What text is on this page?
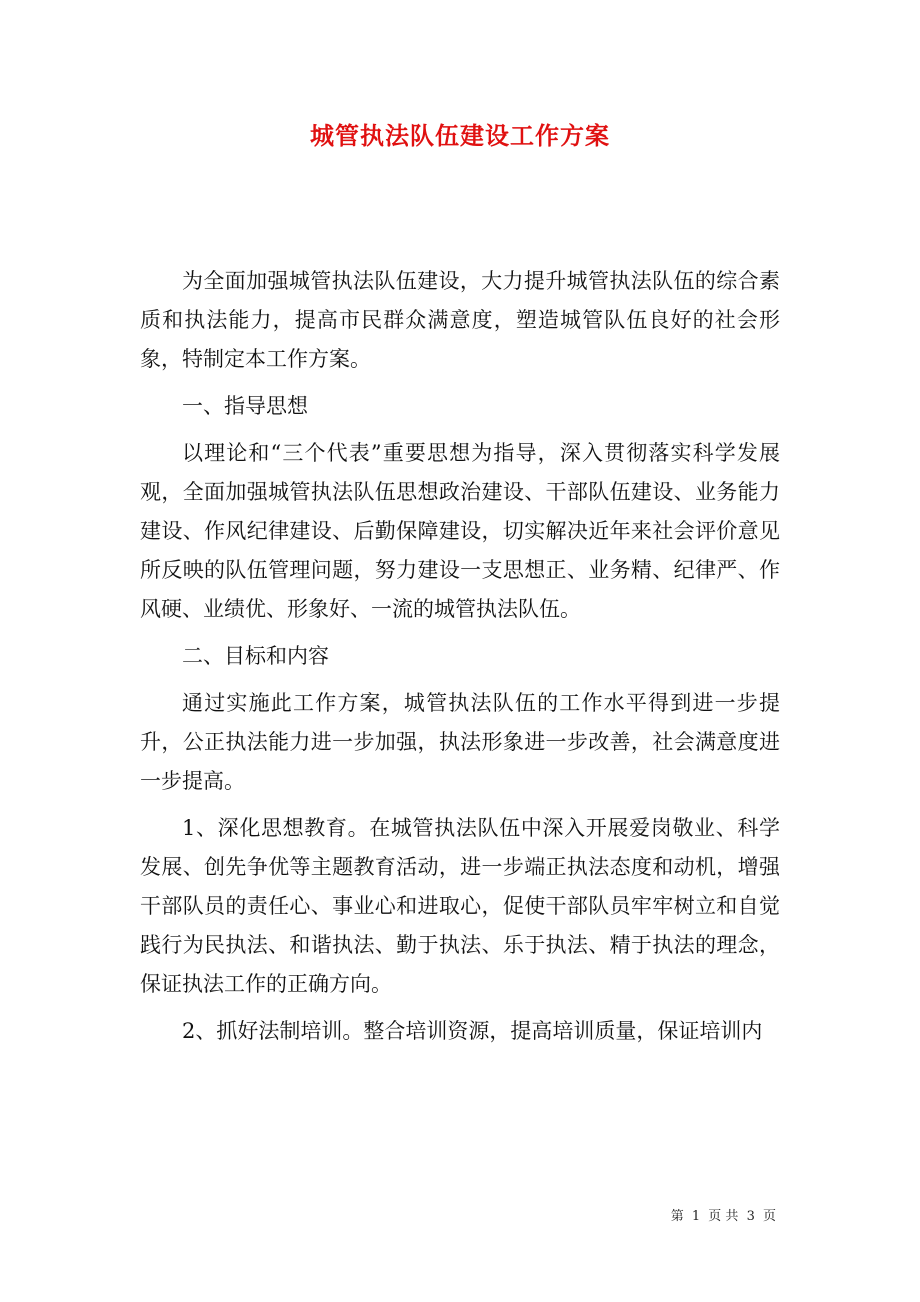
城管执法队伍建设工作方案

为全面加强城管执法队伍建设，大力提升城管执法队伍的综合素质和执法能力，提高市民群众满意度，塑造城管队伍良好的社会形象，特制定本工作方案。

一、指导思想

以理论和“三个代表”重要思想为指导，深入贯彻落实科学发展观，全面加强城管执法队伍思想政治建设、干部队伍建设、业务能力建设、作风纪律建设、后勤保障建设，切实解决近年来社会评价意见所反映的队伍管理问题，努力建设一支思想正、业务精、纪律严、作风硬、业绩优、形象好、一流的城管执法队伍。

二、目标和内容

通过实施此工作方案，城管执法队伍的工作水平得到进一步提升，公正执法能力进一步加强，执法形象进一步改善，社会满意度进一步提高。

1、深化思想教育。在城管执法队伍中深入开展爱岗敬业、科学发展、创先争优等主题教育活动，进一步端正执法态度和动机，增强干部队员的责任心、事业心和进取心，促使干部队员牢牢树立和自觉践行为民执法、和谐执法、勤于执法、乐于执法、精于执法的理念，保证执法工作的正确方向。

2、抓好法制培训。整合培训资源，提高培训质量，保证培训内

第 1 页 共 3 页
